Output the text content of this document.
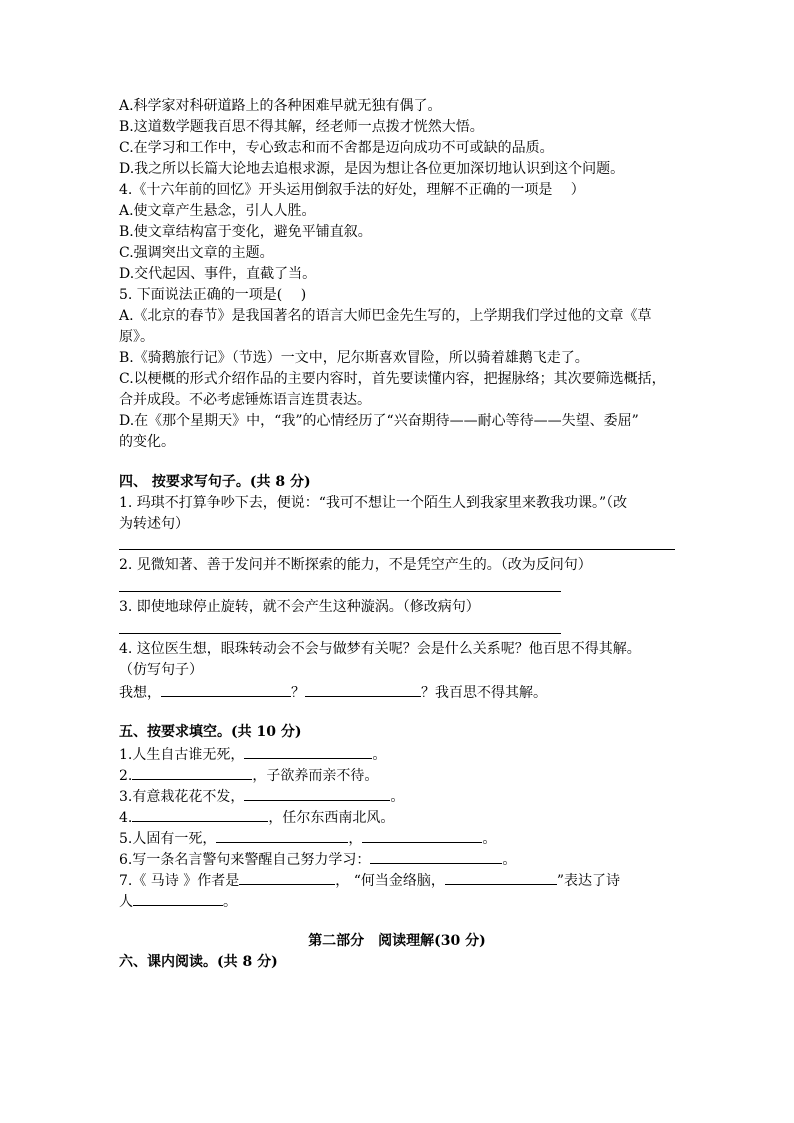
A.科学家对科研道路上的各种困难早就无独有偶了。
B.这道数学题我百思不得其解，经老师一点拨才恍然大悟。
C.在学习和工作中，专心致志和而不舍都是迈向成功不可或缺的品质。
D.我之所以长篇大论地去追根求源，是因为想让各位更加深切地认识到这个问题。
4.《十六年前的回忆》开头运用倒叙手法的好处，理解不正确的一项是　 ）
A.使文章产生悬念，引人人胜。
B.使文章结构富于变化，避免平铺直叙。
C.强调突出文章的主题。
D.交代起因、事件，直截了当。
5. 下面说法正确的一项是(　 )
A.《北京的春节》是我国著名的语言大师巴金先生写的，上学期我们学过他的文章《草
原》。
B.《骑鹅旅行记》（节选）一文中，尼尔斯喜欢冒险，所以骑着雄鹅飞走了。
C.以梗概的形式介绍作品的主要内容时，首先要读懂内容，把握脉络；其次要筛选概括，
合并成段。不必考虑锤炼语言连贯表达。
D.在《那个星期天》中，“我”的心情经历了“兴奋期待——耐心等待——失望、委屈”
的变化。
四、 按要求写句子。(共 8 分)
1. 玛琪不打算争吵下去，便说：“我可不想让一个陌生人到我家里来教我功课。”（改
为转述句）
2. 见微知著、善于发问并不断探索的能力，不是凭空产生的。（改为反问句）
3. 即使地球停止旋转，就不会产生这种漩涡。（修改病句）
4. 这位医生想，眼珠转动会不会与做梦有关呢？会是什么关系呢？他百思不得其解。
（仿写句子）
我想，	？	？我百思不得其解。
五、按要求填空。(共 10 分)
1.人生自古谁无死，	。
2.	，子欲养而亲不待。
3.有意栽花花不发，	。
4.	，任尔东西南北风。
5.人固有一死，	，	。
6.写一条名言警句来警醒自己努力学习：	。
7.《 马诗 》作者是	， “何当金络脑，	”表达了诗
人	。
第二部分　阅读理解(30 分)
六、课内阅读。(共 8 分)
